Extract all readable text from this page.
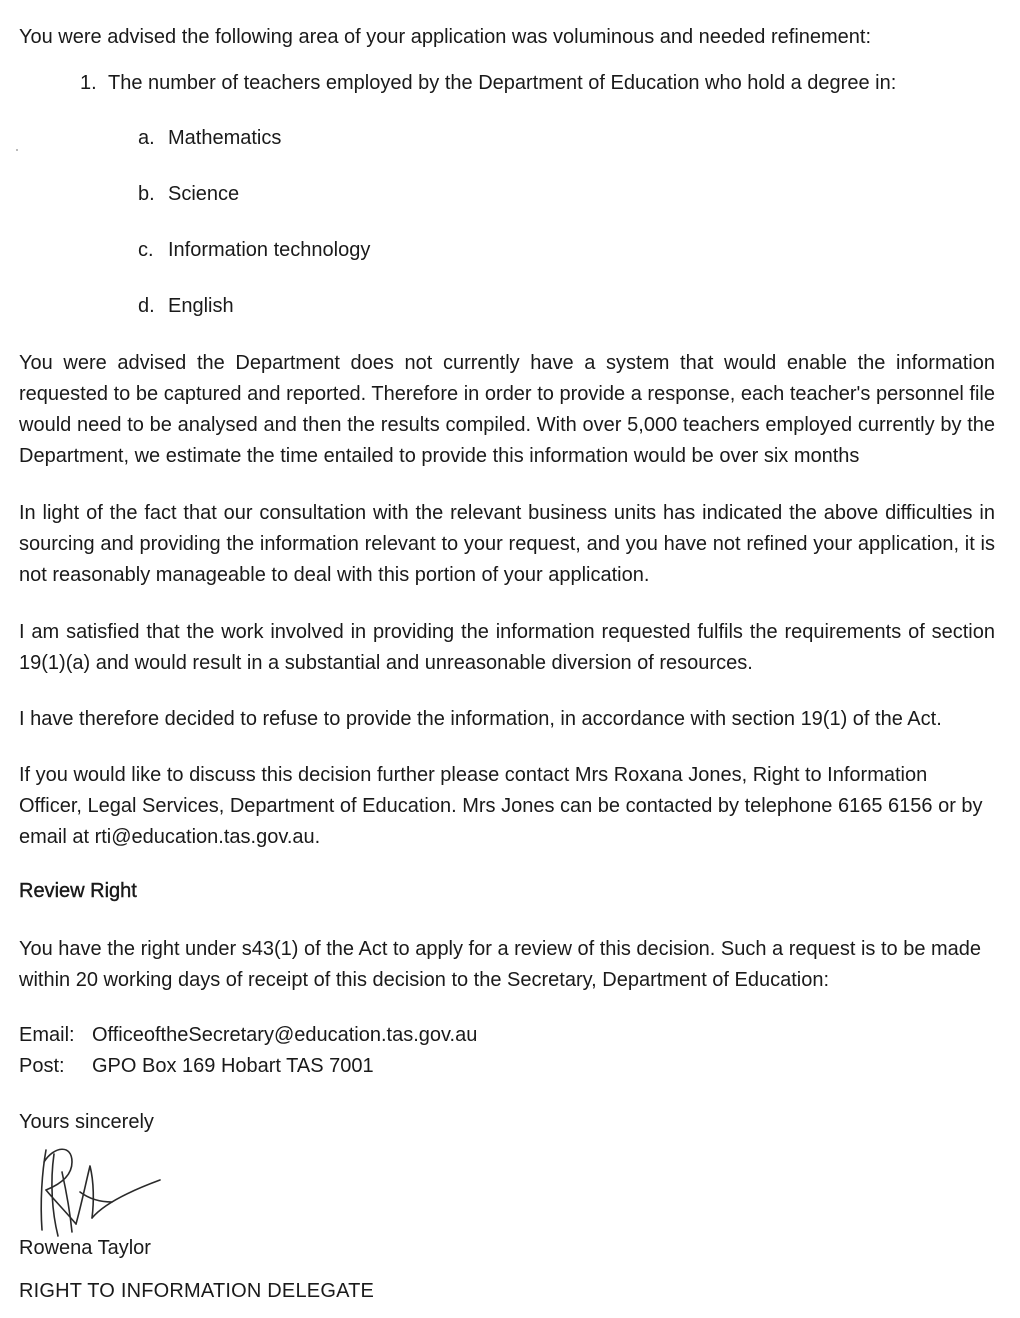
You were advised the following area of your application was voluminous and needed refinement:
1. The number of teachers employed by the Department of Education who hold a degree in:
a. Mathematics
b. Science
c. Information technology
d. English
You were advised the Department does not currently have a system that would enable the information requested to be captured and reported. Therefore in order to provide a response, each teacher's personnel file would need to be analysed and then the results compiled. With over 5,000 teachers employed currently by the Department, we estimate the time entailed to provide this information would be over six months
In light of the fact that our consultation with the relevant business units has indicated the above difficulties in sourcing and providing the information relevant to your request, and you have not refined your application, it is not reasonably manageable to deal with this portion of your application.
I am satisfied that the work involved in providing the information requested fulfils the requirements of section 19(1)(a) and would result in a substantial and unreasonable diversion of resources.
I have therefore decided to refuse to provide the information, in accordance with section 19(1) of the Act.
If you would like to discuss this decision further please contact Mrs Roxana Jones, Right to Information Officer, Legal Services, Department of Education. Mrs Jones can be contacted by telephone 6165 6156 or by email at rti@education.tas.gov.au.
Review Right
You have the right under s43(1) of the Act to apply for a review of this decision. Such a request is to be made within 20 working days of receipt of this decision to the Secretary, Department of Education:
Email: OfficeoftheSecretary@education.tas.gov.au
Post: GPO Box 169 Hobart TAS 7001
Yours sincerely
Rowena Taylor
RIGHT TO INFORMATION DELEGATE
